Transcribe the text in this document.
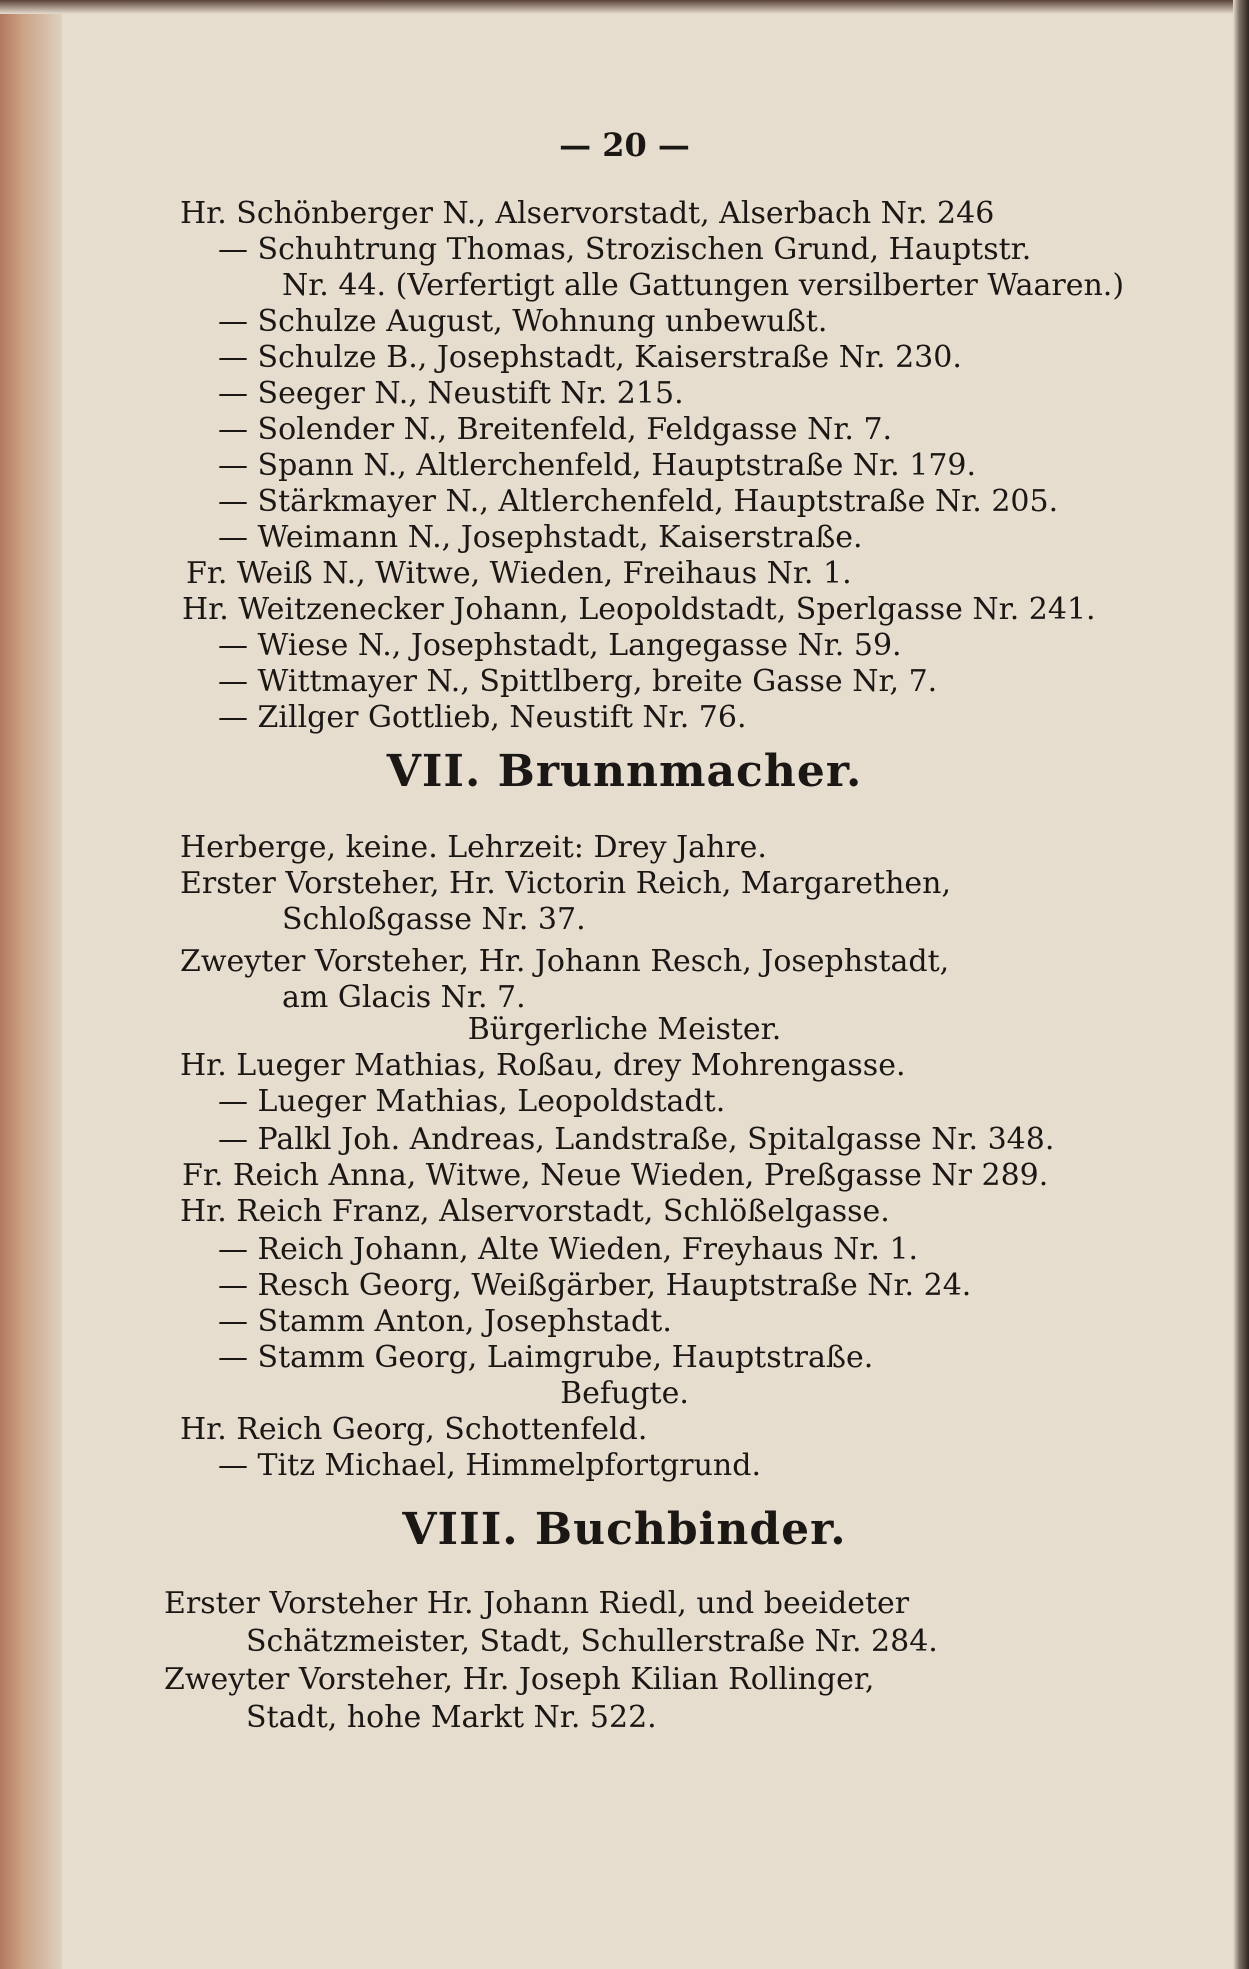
— 20 —
Hr. Schönberger N., Alservorstadt, Alserbach Nr. 246
— Schuhtrung Thomas, Strozischen Grund, Hauptstr.
Nr. 44. (Verfertigt alle Gattungen versilberter Waaren.)
— Schulze August, Wohnung unbewußt.
— Schulze B., Josephstadt, Kaiserstraße Nr. 230.
— Seeger N., Neustift Nr. 215.
— Solender N., Breitenfeld, Feldgasse Nr. 7.
— Spann N., Altlerchenfeld, Hauptstraße Nr. 179.
— Stärkmayer N., Altlerchenfeld, Hauptstraße Nr. 205.
— Weimann N., Josephstadt, Kaiserstraße.
Fr. Weiß N., Witwe, Wieden, Freihaus Nr. 1.
Hr. Weitzenecker Johann, Leopoldstadt, Sperlgasse Nr. 241.
— Wiese N., Josephstadt, Langegasse Nr. 59.
— Wittmayer N., Spittlberg, breite Gasse Nr, 7.
— Zillger Gottlieb, Neustift Nr. 76.
VII. Brunnmacher.
Herberge, keine. Lehrzeit: Drey Jahre.
Erster Vorsteher, Hr. Victorin Reich, Margarethen,
Schloßgasse Nr. 37.
Zweyter Vorsteher, Hr. Johann Resch, Josephstadt,
am Glacis Nr. 7.
Bürgerliche Meister.
Hr. Lueger Mathias, Roßau, drey Mohrengasse.
— Lueger Mathias, Leopoldstadt.
— Palkl Joh. Andreas, Landstraße, Spitalgasse Nr. 348.
Fr. Reich Anna, Witwe, Neue Wieden, Preßgasse Nr 289.
Hr. Reich Franz, Alservorstadt, Schlößelgasse.
— Reich Johann, Alte Wieden, Freyhaus Nr. 1.
— Resch Georg, Weißgärber, Hauptstraße Nr. 24.
— Stamm Anton, Josephstadt.
— Stamm Georg, Laimgrube, Hauptstraße.
Befugte.
Hr. Reich Georg, Schottenfeld.
— Titz Michael, Himmelpfortgrund.
VIII. Buchbinder.
Erster Vorsteher Hr. Johann Riedl, und beeideter
Schätzmeister, Stadt, Schullerstraße Nr. 284.
Zweyter Vorsteher, Hr. Joseph Kilian Rollinger,
Stadt, hohe Markt Nr. 522.
